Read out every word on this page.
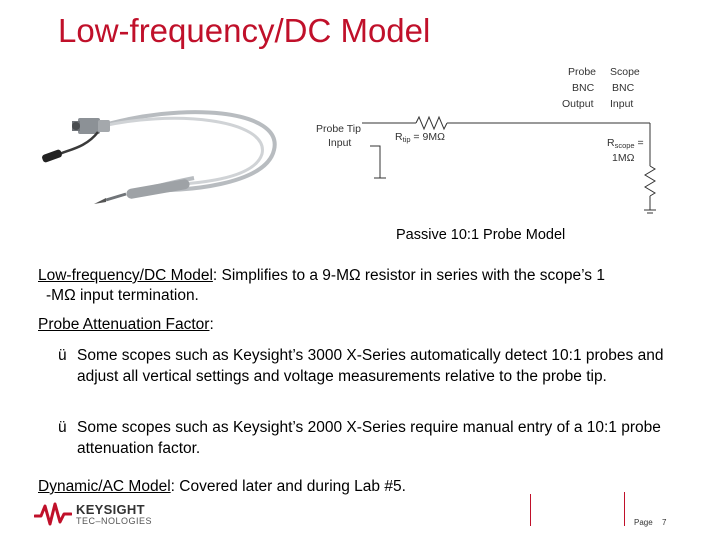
Low-frequency/DC Model
Probe
BNC
Output
Scope
BNC
Input
Probe Tip
Input	Rtip = 9MΩ	Rscope =
1MΩ
Passive 10:1 Probe Model
Low-frequency/DC Model: Simplifies to a 9-MΩ resistor in series with the scope’s 1
-MΩ input termination.
Probe Attenuation Factor:
ü Some scopes such as Keysight’s 3000 X-Series automatically detect 10:1 probes and adjust all vertical settings and voltage measurements relative to the probe tip.
ü Some scopes such as Keysight’s 2000 X-Series require manual entry of a 10:1 probe attenuation factor.
Dynamic/AC Model: Covered later and during Lab #5.
KEYSIGHT
TEC–NOLOGIES	Page 7
